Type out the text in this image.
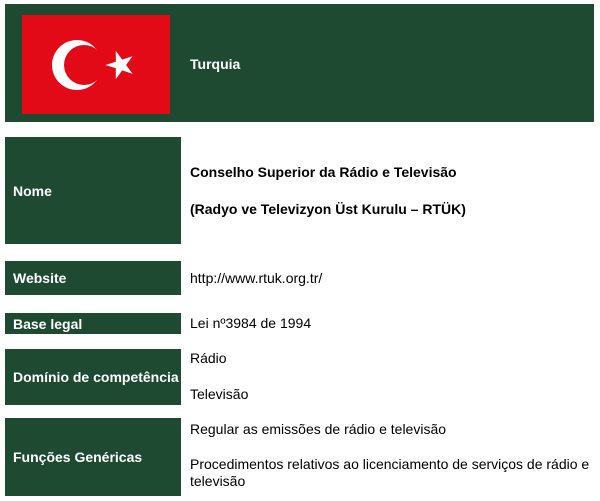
Turquia
Nome
Conselho Superior da Rádio e Televisão
(Radyo ve Televizyon Üst Kurulu – RTÜK)
Website	http://www.rtuk.org.tr/
Base legal	Lei nº3984 de 1994
Domínio de competência
Rádio
Televisão
Funções Genéricas
Regular as emissões de rádio e televisão
Procedimentos relativos ao licenciamento de serviços de rádio e televisão
